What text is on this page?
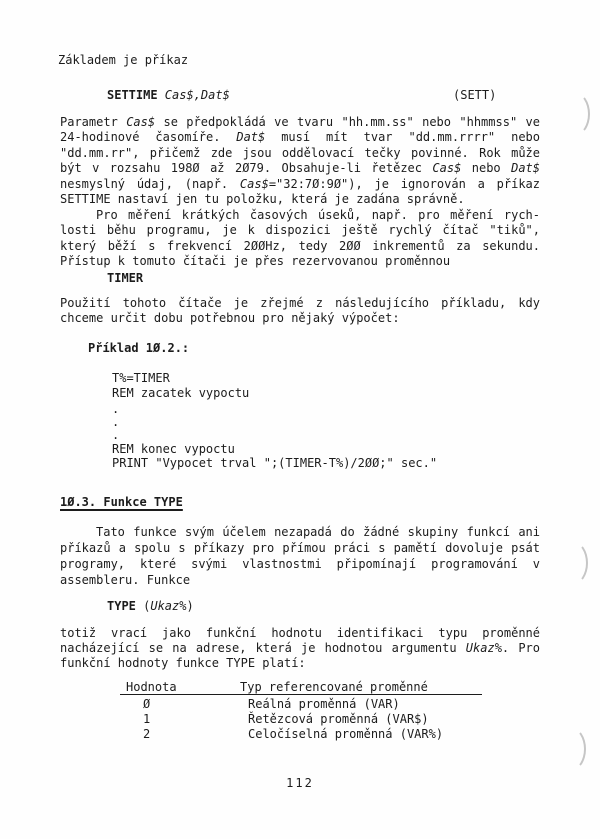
Základem je příkaz
SETTIME Cas$,Dat$	(SETT)
Parametr Cas$ se předpokládá ve tvaru "hh.mm.ss" nebo "hhmmss" ve
24-hodinové časomíře. Dat$ musí mít tvar "dd.mm.rrrr" nebo
"dd.mm.rr", přičemž zde jsou oddělovací tečky povinné. Rok může
být v rozsahu 198Ø až 2Ø79. Obsahuje-li řetězec Cas$ nebo Dat$
nesmyslný údaj, (např. Cas$="32:7Ø:9Ø"), je ignorován a příkaz
SETTIME nastaví jen tu položku, která je zadána správně.
Pro měření krátkých časových úseků, např. pro měření rych-
losti běhu programu, je k dispozici ještě rychlý čítač "tiků",
který běží s frekvencí 2ØØHz, tedy 2ØØ inkrementů za sekundu.
Přístup k tomuto čítači je přes rezervovanou proměnnou
TIMER
Použití tohoto čítače je zřejmé z následujícího příkladu, kdy
chceme určit dobu potřebnou pro nějaký výpočet:
Příklad 1Ø.2.:
T%=TIMER
REM zacatek vypoctu
.
.
.
REM konec vypoctu
PRINT "Vypocet trval ";(TIMER-T%)/2ØØ;" sec."
1Ø.3. Funkce TYPE
Tato funkce svým účelem nezapadá do žádné skupiny funkcí ani
příkazů a spolu s příkazy pro přímou práci s pamětí dovoluje psát
programy, které svými vlastnostmi připomínají programování v
assembleru. Funkce
TYPE (Ukaz%)
totiž vrací jako funkční hodnotu identifikaci typu proměnné
nacházející se na adrese, která je hodnotou argumentu Ukaz%. Pro
funkční hodnoty funkce TYPE platí:
Hodnota	Typ referencované proměnné
Ø	Reálná proměnná (VAR)
1	Řetězcová proměnná (VAR$)
2	Celočíselná proměnná (VAR%)
112
